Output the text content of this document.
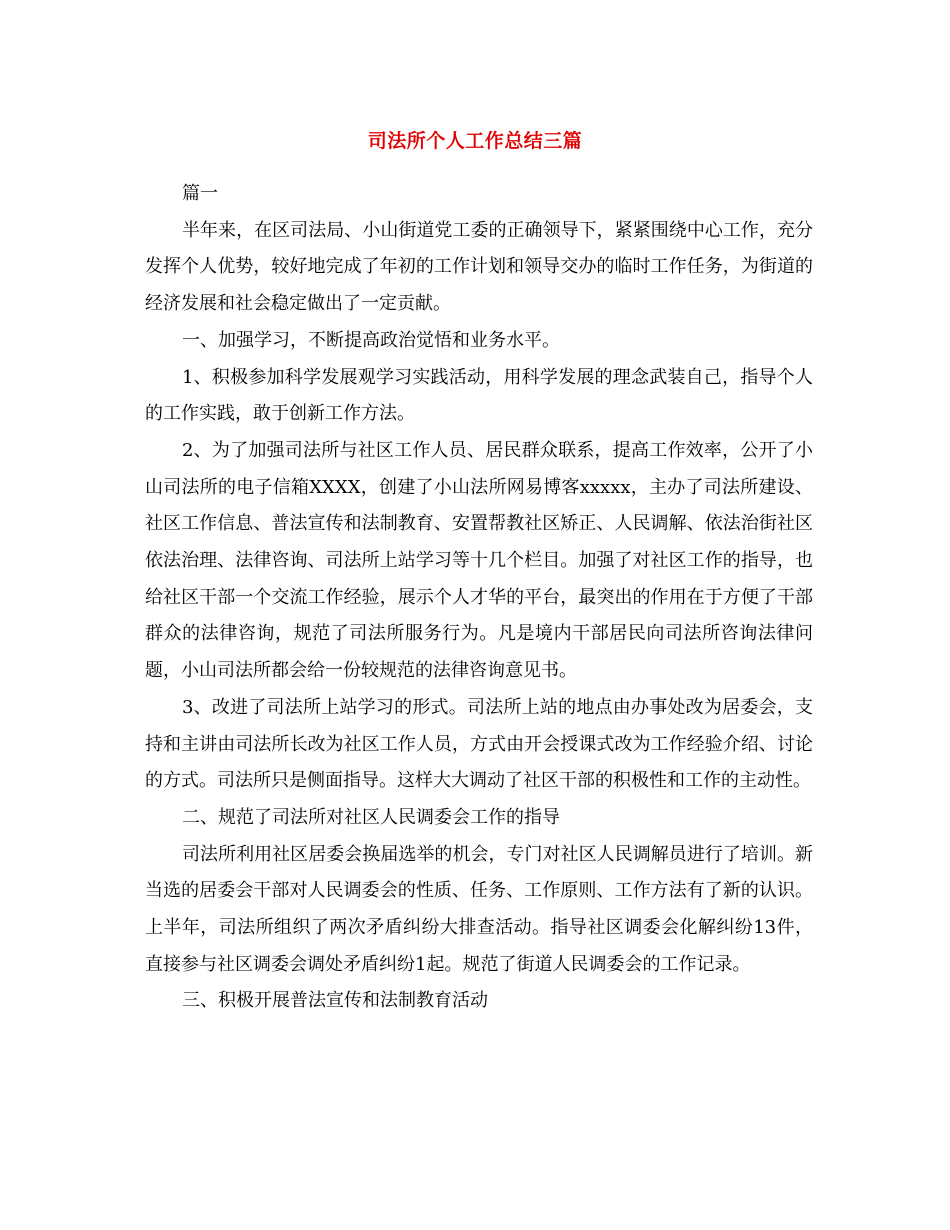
司法所个人工作总结三篇

篇一

半年来，在区司法局、小山街道党工委的正确领导下，紧紧围绕中心工作，充分发挥个人优势，较好地完成了年初的工作计划和领导交办的临时工作任务，为街道的经济发展和社会稳定做出了一定贡献。

一、加强学习，不断提高政治觉悟和业务水平。

1、积极参加科学发展观学习实践活动，用科学发展的理念武装自己，指导个人的工作实践，敢于创新工作方法。

2、为了加强司法所与社区工作人员、居民群众联系，提高工作效率，公开了小山司法所的电子信箱XXXX，创建了小山法所网易博客xxxxx，主办了司法所建设、社区工作信息、普法宣传和法制教育、安置帮教社区矫正、人民调解、依法治街社区依法治理、法律咨询、司法所上站学习等十几个栏目。加强了对社区工作的指导，也给社区干部一个交流工作经验，展示个人才华的平台，最突出的作用在于方便了干部群众的法律咨询，规范了司法所服务行为。凡是境内干部居民向司法所咨询法律问题，小山司法所都会给一份较规范的法律咨询意见书。

3、改进了司法所上站学习的形式。司法所上站的地点由办事处改为居委会，支持和主讲由司法所长改为社区工作人员，方式由开会授课式改为工作经验介绍、讨论的方式。司法所只是侧面指导。这样大大调动了社区干部的积极性和工作的主动性。

二、规范了司法所对社区人民调委会工作的指导

司法所利用社区居委会换届选举的机会，专门对社区人民调解员进行了培训。新当选的居委会干部对人民调委会的性质、任务、工作原则、工作方法有了新的认识。上半年，司法所组织了两次矛盾纠纷大排查活动。指导社区调委会化解纠纷13件，直接参与社区调委会调处矛盾纠纷1起。规范了街道人民调委会的工作记录。

三、积极开展普法宣传和法制教育活动
